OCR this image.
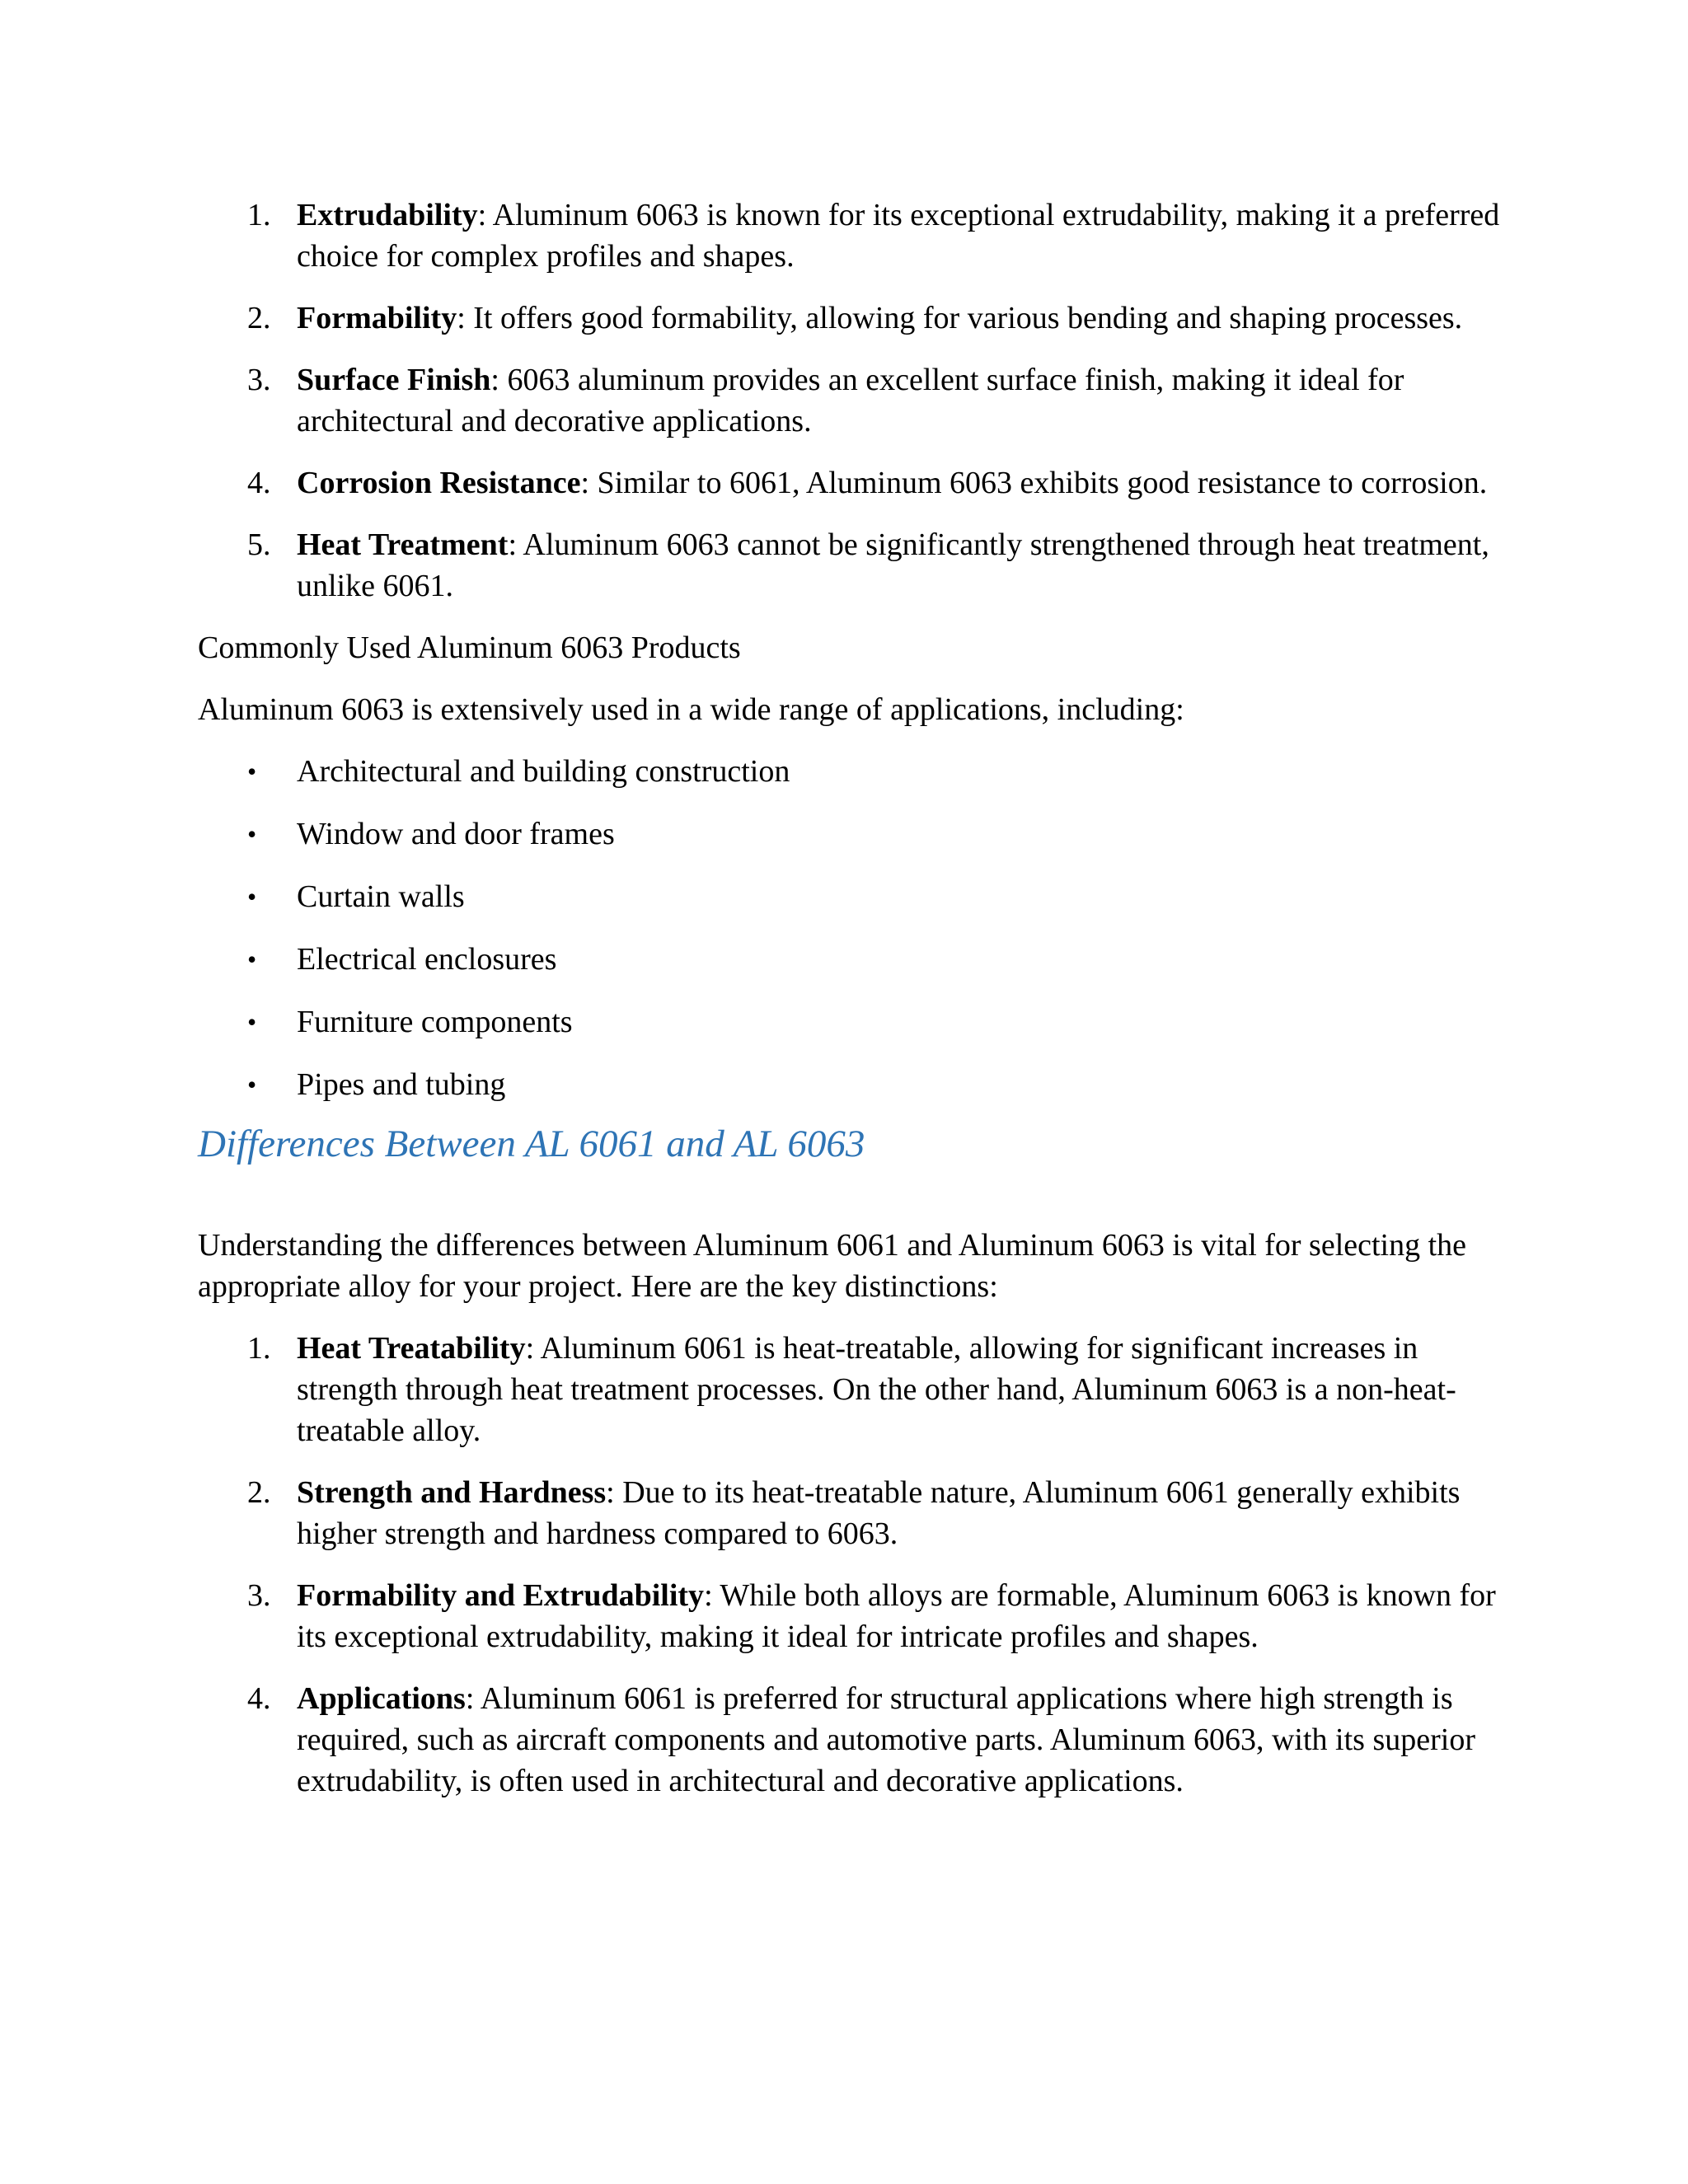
1. Extrudability: Aluminum 6063 is known for its exceptional extrudability, making it a preferred choice for complex profiles and shapes.
2. Formability: It offers good formability, allowing for various bending and shaping processes.
3. Surface Finish: 6063 aluminum provides an excellent surface finish, making it ideal for architectural and decorative applications.
4. Corrosion Resistance: Similar to 6061, Aluminum 6063 exhibits good resistance to corrosion.
5. Heat Treatment: Aluminum 6063 cannot be significantly strengthened through heat treatment, unlike 6061.

Commonly Used Aluminum 6063 Products

Aluminum 6063 is extensively used in a wide range of applications, including:

•	Architectural and building construction
•	Window and door frames
•	Curtain walls
•	Electrical enclosures
•	Furniture components
•	Pipes and tubing
Differences Between AL 6061 and AL 6063

Understanding the differences between Aluminum 6061 and Aluminum 6063 is vital for selecting the appropriate alloy for your project. Here are the key distinctions:

1. Heat Treatability: Aluminum 6061 is heat-treatable, allowing for significant increases in strength through heat treatment processes. On the other hand, Aluminum 6063 is a non-heat-treatable alloy.
2. Strength and Hardness: Due to its heat-treatable nature, Aluminum 6061 generally exhibits higher strength and hardness compared to 6063.
3. Formability and Extrudability: While both alloys are formable, Aluminum 6063 is known for its exceptional extrudability, making it ideal for intricate profiles and shapes.
4. Applications: Aluminum 6061 is preferred for structural applications where high strength is required, such as aircraft components and automotive parts. Aluminum 6063, with its superior extrudability, is often used in architectural and decorative applications.
